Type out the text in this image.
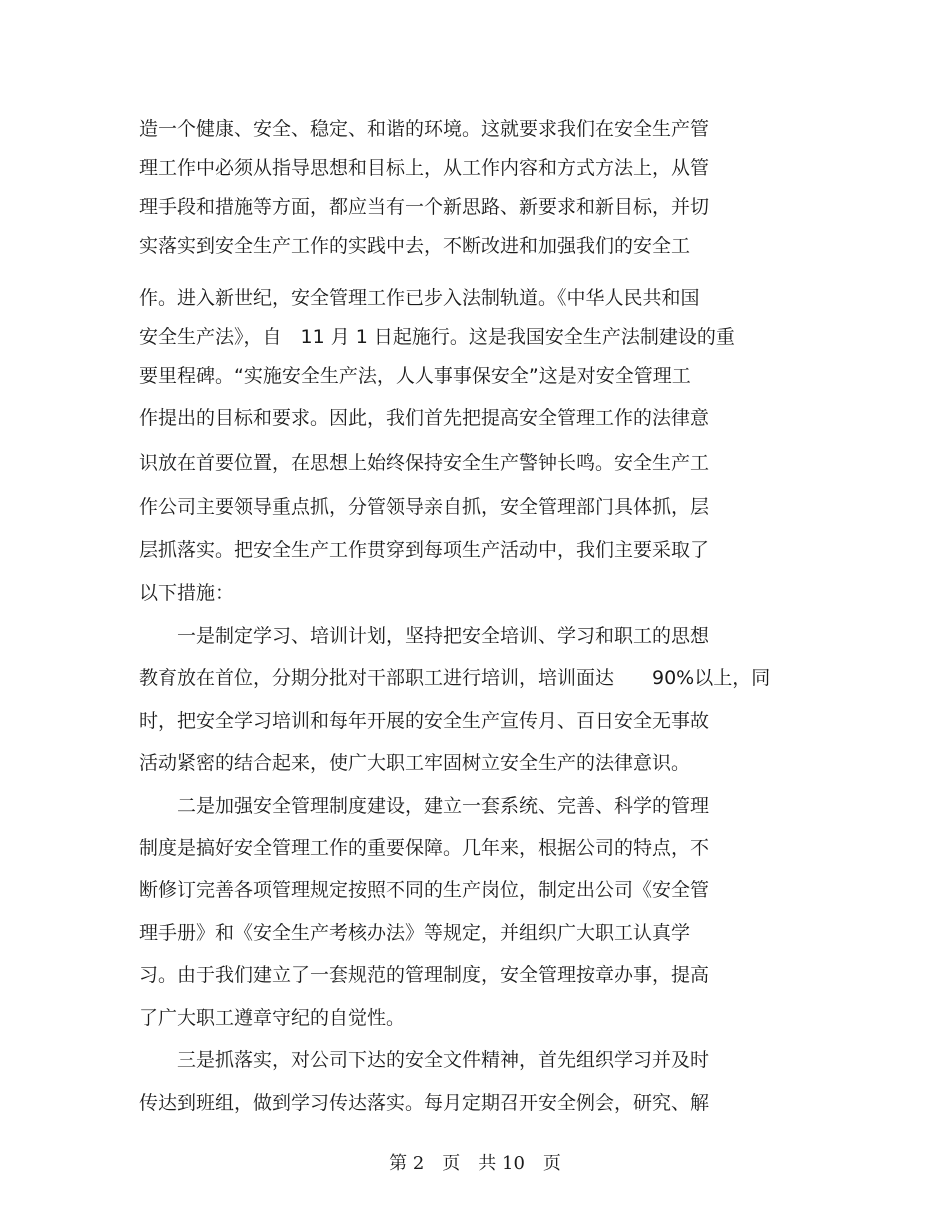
造一个健康、安全、稳定、和谐的环境。这就要求我们在安全生产管
理工作中必须从指导思想和目标上，从工作内容和方式方法上，从管
理手段和措施等方面，都应当有一个新思路、新要求和新目标，并切
实落实到安全生产工作的实践中去，不断改进和加强我们的安全工
作。进入新世纪，安全管理工作已步入法制轨道。《中华人民共和国
安全生产法》，自　11 月 1 日起施行。这是我国安全生产法制建设的重
要里程碑。“实施安全生产法，人人事事保安全”这是对安全管理工
作提出的目标和要求。因此，我们首先把提高安全管理工作的法律意
识放在首要位置，在思想上始终保持安全生产警钟长鸣。安全生产工
作公司主要领导重点抓，分管领导亲自抓，安全管理部门具体抓，层
层抓落实。把安全生产工作贯穿到每项生产活动中，我们主要采取了
以下措施：
　　一是制定学习、培训计划，坚持把安全培训、学习和职工的思想
教育放在首位，分期分批对干部职工进行培训，培训面达　　90%以上，同
时，把安全学习培训和每年开展的安全生产宣传月、百日安全无事故
活动紧密的结合起来，使广大职工牢固树立安全生产的法律意识。
　　二是加强安全管理制度建设，建立一套系统、完善、科学的管理
制度是搞好安全管理工作的重要保障。几年来，根据公司的特点，不
断修订完善各项管理规定按照不同的生产岗位，制定出公司《安全管
理手册》和《安全生产考核办法》等规定，并组织广大职工认真学
习。由于我们建立了一套规范的管理制度，安全管理按章办事，提高
了广大职工遵章守纪的自觉性。
　　三是抓落实，对公司下达的安全文件精神，首先组织学习并及时
传达到班组，做到学习传达落实。每月定期召开安全例会，研究、解
第 2　页　共 10　页
